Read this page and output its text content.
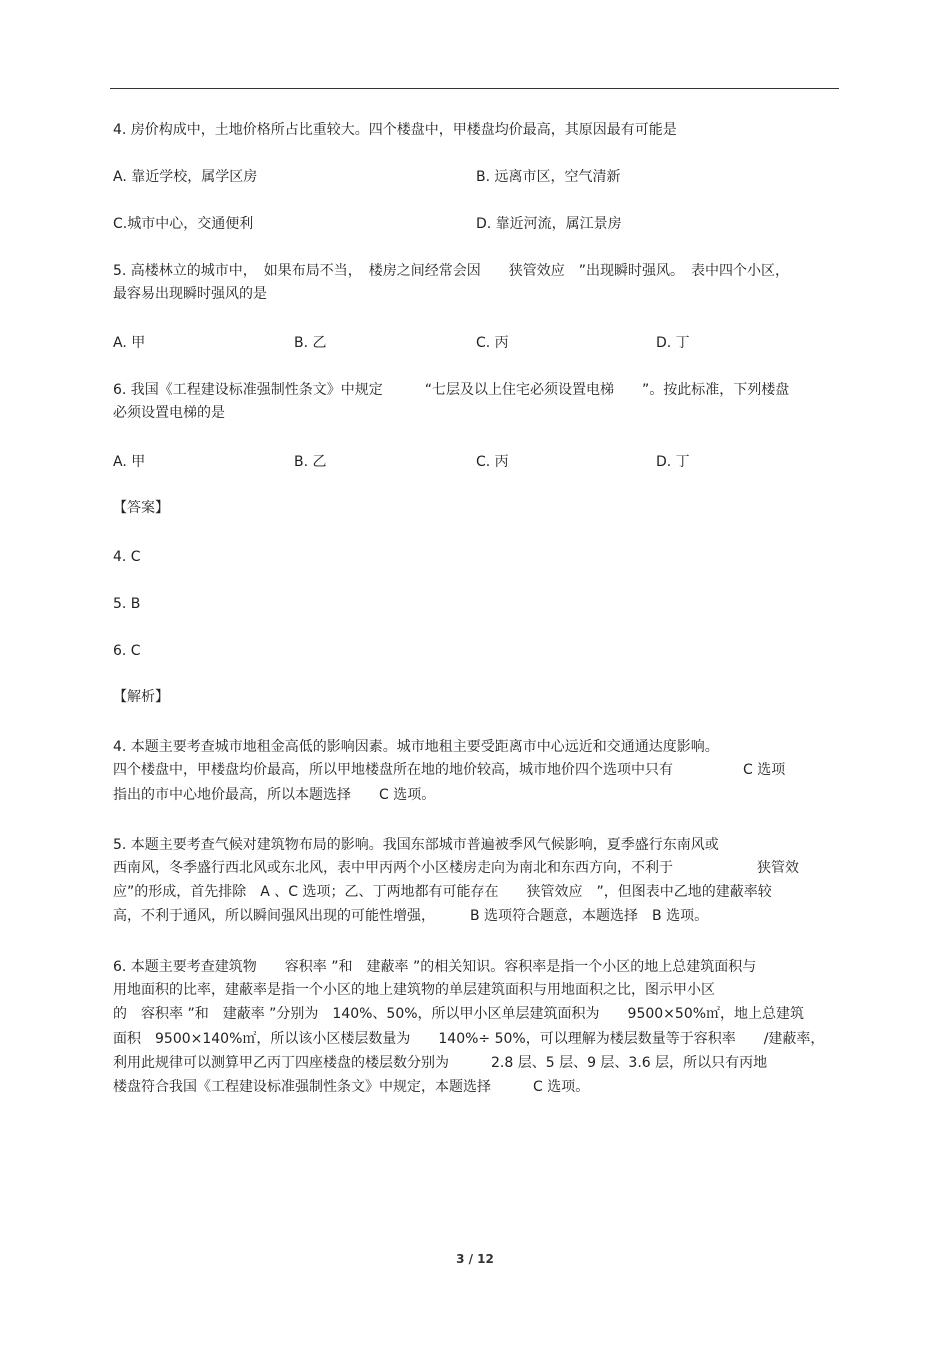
4. 房价构成中，土地价格所占比重较大。四个楼盘中，甲楼盘均价最高，其原因最有可能是
A. 靠近学校，属学区房	B. 远离市区，空气清新
C.城市中心，交通便利	D. 靠近河流，属江景房
5. 高楼林立的城市中，　如果布局不当，　楼房之间经常会因　　狭管效应　”出现瞬时强风。　表中四个小区，
最容易出现瞬时强风的是
A. 甲	B. 乙	C. 丙	D. 丁
6. 我国《工程建设标准强制性条文》中规定　　　“七层及以上住宅必须设置电梯　　”。按此标准，下列楼盘
必须设置电梯的是
A. 甲	B. 乙	C. 丙	D. 丁
【答案】
4. C
5. B
6. C
【解析】
4. 本题主要考查城市地租金高低的影响因素。城市地租主要受距离市中心远近和交通通达度影响。
四个楼盘中，甲楼盘均价最高，所以甲地楼盘所在地的地价较高，城市地价四个选项中只有　　　　　C 选项
指出的市中心地价最高，所以本题选择　　C 选项。
5. 本题主要考查气候对建筑物布局的影响。我国东部城市普遍被季风气候影响，夏季盛行东南风或
西南风，冬季盛行西北风或东北风，表中甲丙两个小区楼房走向为南北和东西方向，不利于　　　　　　狭管效
应”的形成，首先排除　A 、C 选项；乙、丁两地都有可能存在　　狭管效应　”，但图表中乙地的建蔽率较
高，不利于通风，所以瞬间强风出现的可能性增强，　　　B 选项符合题意，本题选择　B 选项。
6. 本题主要考查建筑物　　容积率 ”和　建蔽率 ”的相关知识。容积率是指一个小区的地上总建筑面积与
用地面积的比率，建蔽率是指一个小区的地上建筑物的单层建筑面积与用地面积之比，图示甲小区
的　容积率 ”和　建蔽率 ”分别为　140%、50%，所以甲小区单层建筑面积为　　9500×50%㎡，地上总建筑
面积　9500×140%㎡，所以该小区楼层数量为　　140%÷ 50%，可以理解为楼层数量等于容积率　　/建蔽率，
利用此规律可以测算甲乙丙丁四座楼盘的楼层数分别为　　　2.8 层、5 层、9 层、3.6 层，所以只有丙地
楼盘符合我国《工程建设标准强制性条文》中规定，本题选择　　　C 选项。
3 / 12
